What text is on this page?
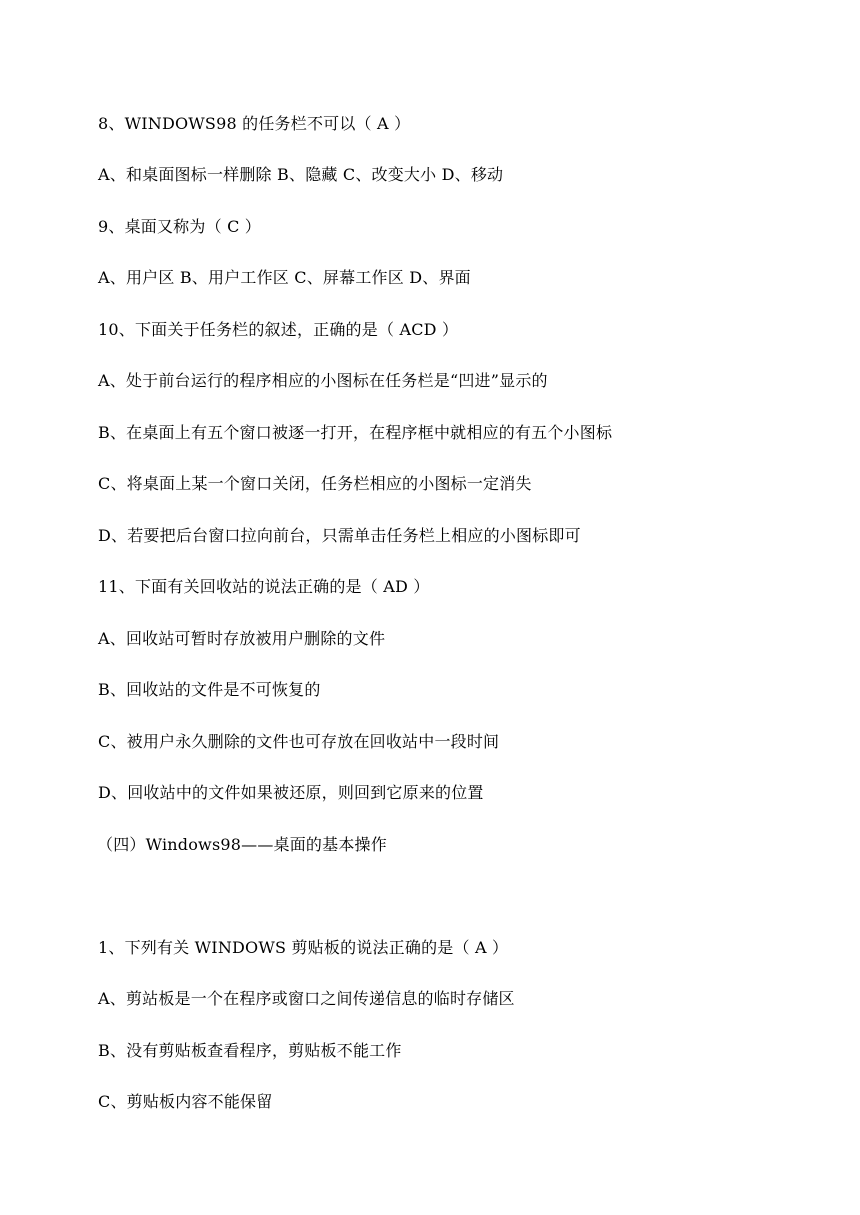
8、WINDOWS98 的任务栏不可以（ A ）
A、和桌面图标一样删除 B、隐藏 C、改变大小 D、移动
9、桌面又称为（ C ）
A、用户区 B、用户工作区 C、屏幕工作区 D、界面
10、下面关于任务栏的叙述，正确的是（ ACD ）
A、处于前台运行的程序相应的小图标在任务栏是“凹进”显示的
B、在桌面上有五个窗口被逐一打开，在程序框中就相应的有五个小图标
C、将桌面上某一个窗口关闭，任务栏相应的小图标一定消失
D、若要把后台窗口拉向前台，只需单击任务栏上相应的小图标即可
11、下面有关回收站的说法正确的是（ AD ）
A、回收站可暂时存放被用户删除的文件
B、回收站的文件是不可恢复的
C、被用户永久删除的文件也可存放在回收站中一段时间
D、回收站中的文件如果被还原，则回到它原来的位置
（四）Windows98——桌面的基本操作
1、下列有关 WINDOWS 剪贴板的说法正确的是（ A ）
A、剪站板是一个在程序或窗口之间传递信息的临时存储区
B、没有剪贴板查看程序，剪贴板不能工作
C、剪贴板内容不能保留
